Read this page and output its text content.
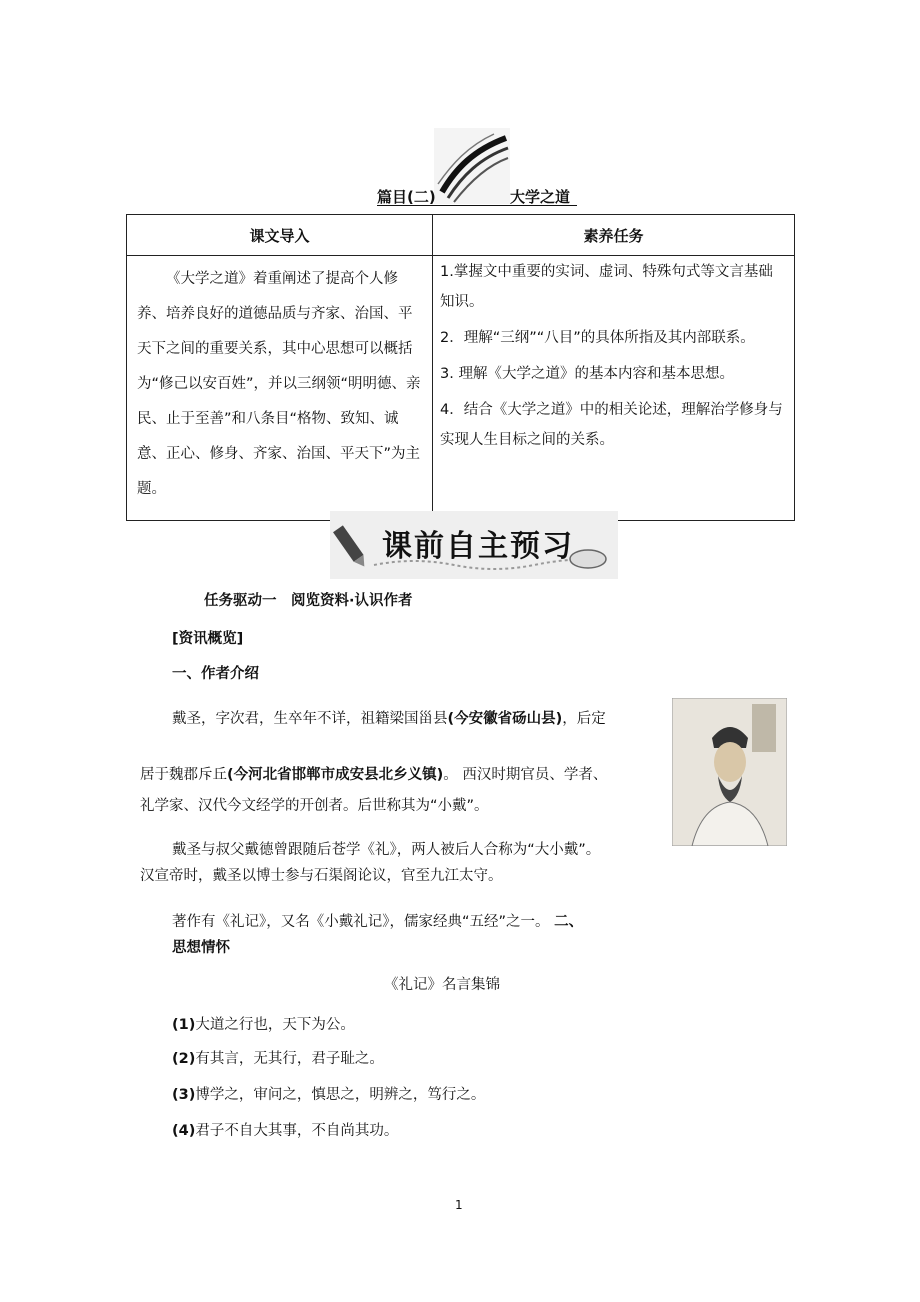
篇目(二)	大学之道
课文导入	素养任务
《大学之道》着重阐述了提高个人修养、培养良好的道德品质与齐家、治国、平天下之间的重要关系，其中心思想可以概括为“修己以安百姓”，并以三纲领“明明德、亲民、止于至善”和八条目“格物、致知、诚意、正心、修身、齐家、治国、平天下”为主题。	1.掌握文中重要的实词、虚词、特殊句式等文言基础知识。

2．理解“三纲”“八目”的具体所指及其内部联系。

3. 理解《大学之道》的基本内容和基本思想。

4．结合《大学之道》中的相关论述，理解治学修身与实现人生目标之间的关系。

课前自主预习
任务驱动一　阅览资料·认识作者
[资讯概览]
一、作者介绍
戴圣，字次君，生卒年不详，祖籍梁国甾县(今安徽省砀山县)，后定
居于魏郡斥丘(今河北省邯郸市成安县北乡义镇)。 西汉时期官员、学者、
礼学家、汉代今文经学的开创者。后世称其为“小戴”。
戴圣与叔父戴德曾跟随后苍学《礼》，两人被后人合称为“大小戴”。
汉宣帝时，戴圣以博士参与石渠阁论议，官至九江太守。
著作有《礼记》，又名《小戴礼记》，儒家经典“五经”之一。 二、
思想情怀
《礼记》名言集锦
(1)大道之行也，天下为公。
(2)有其言，无其行，君子耻之。
(3)博学之，审问之，慎思之，明辨之，笃行之。
(4)君子不自大其事，不自尚其功。
1
